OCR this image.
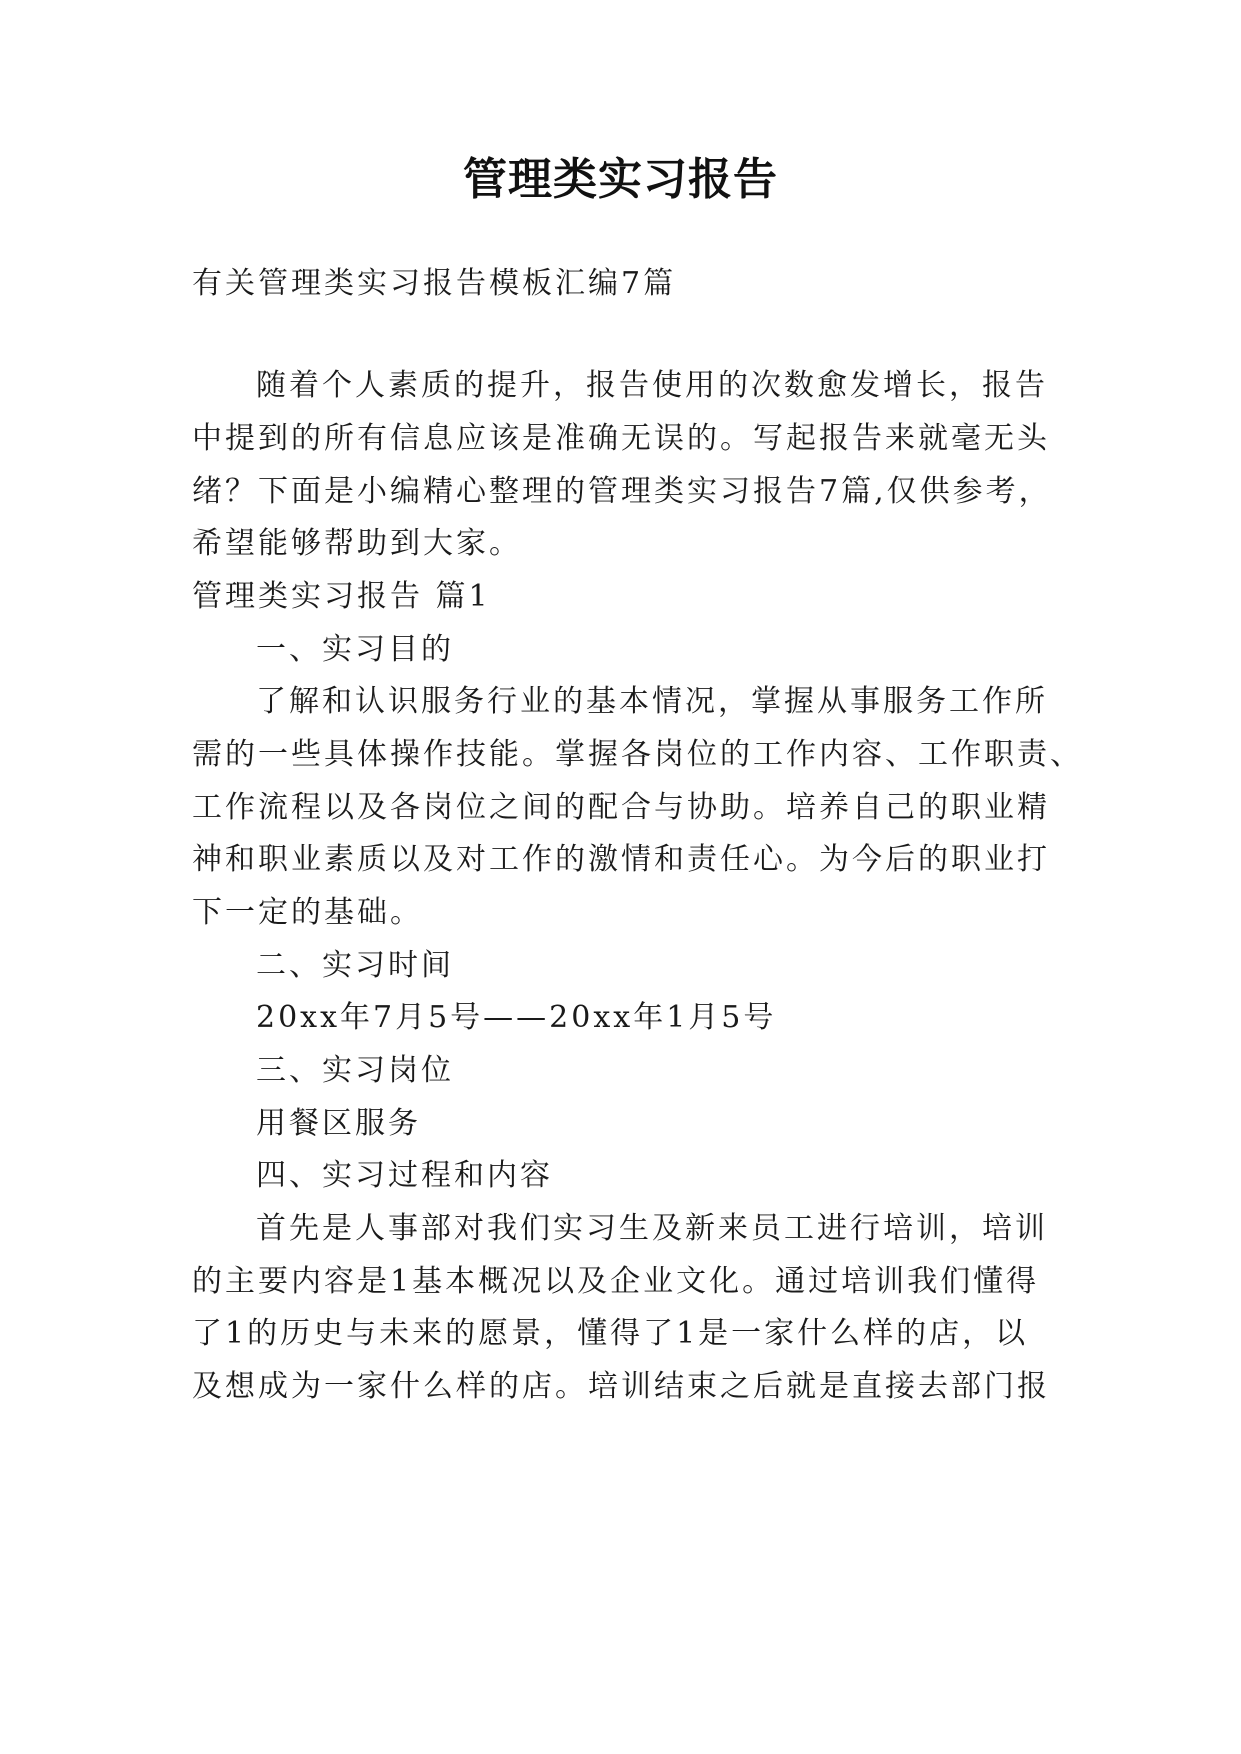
管理类实习报告
有关管理类实习报告模板汇编7篇
随着个人素质的提升，报告使用的次数愈发增长，报告
中提到的所有信息应该是准确无误的。写起报告来就毫无头
绪？下面是小编精心整理的管理类实习报告7篇,仅供参考，
希望能够帮助到大家。
管理类实习报告 篇1
一、实习目的
了解和认识服务行业的基本情况，掌握从事服务工作所
需的一些具体操作技能。掌握各岗位的工作内容、工作职责、
工作流程以及各岗位之间的配合与协助。培养自己的职业精
神和职业素质以及对工作的激情和责任心。为今后的职业打
下一定的基础。
二、实习时间
20xx年7月5号——20xx年1月5号
三、实习岗位
用餐区服务
四、实习过程和内容
首先是人事部对我们实习生及新来员工进行培训，培训
的主要内容是1基本概况以及企业文化。通过培训我们懂得
了1的历史与未来的愿景，懂得了1是一家什么样的店，以
及想成为一家什么样的店。培训结束之后就是直接去部门报
